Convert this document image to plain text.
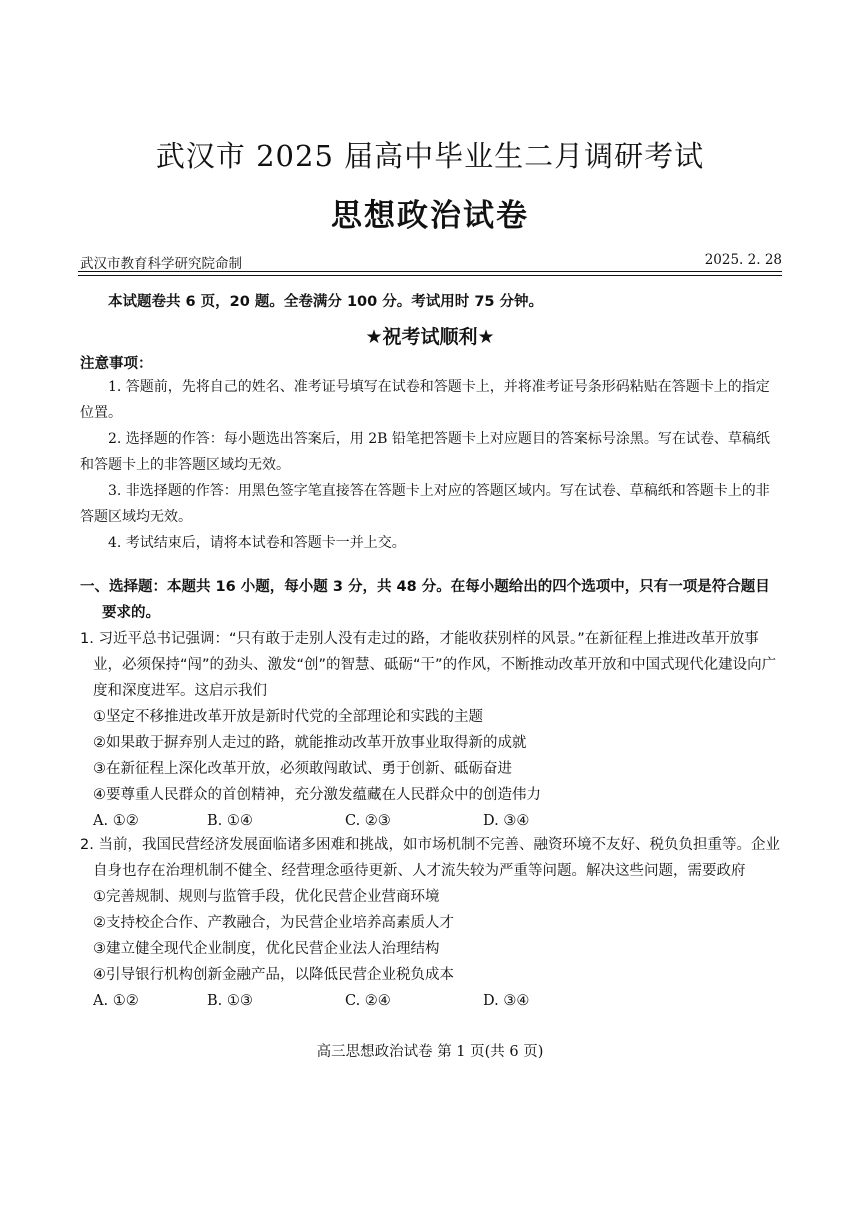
武汉市 2025 届高中毕业生二月调研考试
思想政治试卷
武汉市教育科学研究院命制	2025. 2. 28
本试题卷共 6 页，20 题。全卷满分 100 分。考试用时 75 分钟。
★祝考试顺利★
注意事项：

1. 答题前，先将自己的姓名、准考证号填写在试卷和答题卡上，并将准考证号条形码粘贴在答题卡上的指定位置。

2. 选择题的作答：每小题选出答案后，用 2B 铅笔把答题卡上对应题目的答案标号涂黑。写在试卷、草稿纸和答题卡上的非答题区域均无效。

3. 非选择题的作答：用黑色签字笔直接答在答题卡上对应的答题区域内。写在试卷、草稿纸和答题卡上的非答题区域均无效。

4. 考试结束后，请将本试卷和答题卡一并上交。

一、选择题：本题共 16 小题，每小题 3 分，共 48 分。在每小题给出的四个选项中，只有一项是符合题目要求的。
1. 习近平总书记强调：“只有敢于走别人没有走过的路，才能收获别样的风景。”在新征程上推进改革开放事业，必须保持“闯”的劲头、激发“创”的智慧、砥砺“干”的作风，不断推动改革开放和中国式现代化建设向广度和深度进军。这启示我们
①坚定不移推进改革开放是新时代党的全部理论和实践的主题
②如果敢于摒弃别人走过的路，就能推动改革开放事业取得新的成就
③在新征程上深化改革开放，必须敢闯敢试、勇于创新、砥砺奋进
④要尊重人民群众的首创精神，充分激发蕴藏在人民群众中的创造伟力
A. ①②	B. ①④	C. ②③	D. ③④
2. 当前，我国民营经济发展面临诸多困难和挑战，如市场机制不完善、融资环境不友好、税负负担重等。企业自身也存在治理机制不健全、经营理念亟待更新、人才流失较为严重等问题。解决这些问题，需要政府
①完善规制、规则与监管手段，优化民营企业营商环境
②支持校企合作、产教融合，为民营企业培养高素质人才
③建立健全现代企业制度，优化民营企业法人治理结构
④引导银行机构创新金融产品，以降低民营企业税负成本
A. ①②	B. ①③	C. ②④	D. ③④
高三思想政治试卷 第 1 页(共 6 页)
